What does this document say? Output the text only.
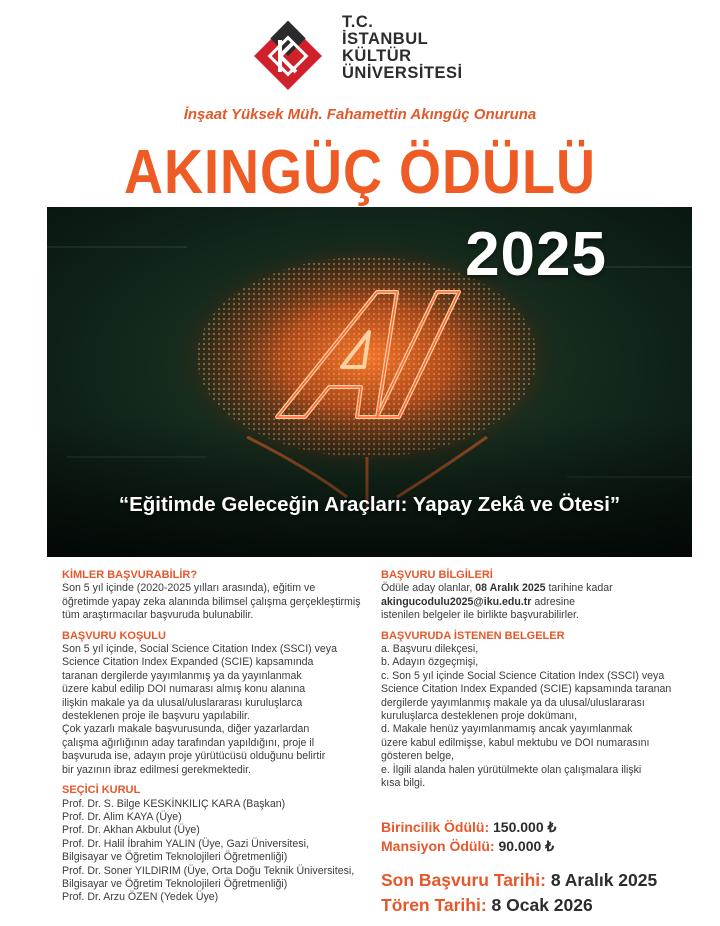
T.C.
İSTANBUL
KÜLTÜR
ÜNİVERSİTESİ
İnşaat Yüksek Müh. Fahamettin Akıngüç Onuruna
AKINGÜÇ ÖDÜLÜ
2025
“Eğitimde Geleceğin Araçları: Yapay Zekâ ve Ötesi”
KİMLER BAŞVURABİLİR?
Son 5 yıl içinde (2020-2025 yılları arasında), eğitim ve
öğretimde yapay zeka alanında bilimsel çalışma gerçekleştirmiş
tüm araştırmacılar başvuruda bulunabilir.
BAŞVURU KOŞULU
Son 5 yıl içinde, Social Science Citation Index (SSCI) veya
Science Citation Index Expanded (SCIE) kapsamında
taranan dergilerde yayımlanmış ya da yayınlanmak
üzere kabul edilip DOI numarası almış konu alanına
ilişkin makale ya da ulusal/uluslararası kuruluşlarca
desteklenen proje ile başvuru yapılabilir.
Çok yazarlı makale başvurusunda, diğer yazarlardan
çalışma ağırlığının aday tarafından yapıldığını, proje il
başvuruda ise, adayın proje yürütücüsü olduğunu belirtir
bir yazının ibraz edilmesi gerekmektedir.
SEÇİCİ KURUL
Prof. Dr. S. Bilge KESKİNKILIÇ KARA (Başkan)
Prof. Dr. Alim KAYA (Üye)
Prof. Dr. Akhan Akbulut (Üye)
Prof. Dr. Halil İbrahim YALIN (Üye, Gazi Üniversitesi,
Bilgisayar ve Öğretim Teknolojileri Öğretmenliği)
Prof. Dr. Soner YILDIRIM (Üye, Orta Doğu Teknik Üniversitesi,
Bilgisayar ve Öğretim Teknolojileri Öğretmenliği)
Prof. Dr. Arzu ÖZEN (Yedek Üye)
BAŞVURU BİLGİLERİ
Ödüle aday olanlar, 08 Aralık 2025 tarihine kadar
akingucodulu2025@iku.edu.tr adresine
istenilen belgeler ile birlikte başvurabilirler.
BAŞVURUDA İSTENEN BELGELER
a. Başvuru dilekçesi,
b. Adayın özgeçmişi,
c. Son 5 yıl içinde Social Science Citation Index (SSCI) veya
Science Citation Index Expanded (SCIE) kapsamında taranan
dergilerde yayımlanmış makale ya da ulusal/uluslararası
kuruluşlarca desteklenen proje dokümanı,
d. Makale henüz yayımlanmamış ancak yayımlanmak
üzere kabul edilmişse, kabul mektubu ve DOI numarasını
gösteren belge,
e. İlgili alanda halen yürütülmekte olan çalışmalara ilişki
kısa bilgi.
Birincilik Ödülü: 150.000 ₺
Mansiyon Ödülü: 90.000 ₺
Son Başvuru Tarihi: 8 Aralık 2025
Tören Tarihi: 8 Ocak 2026
